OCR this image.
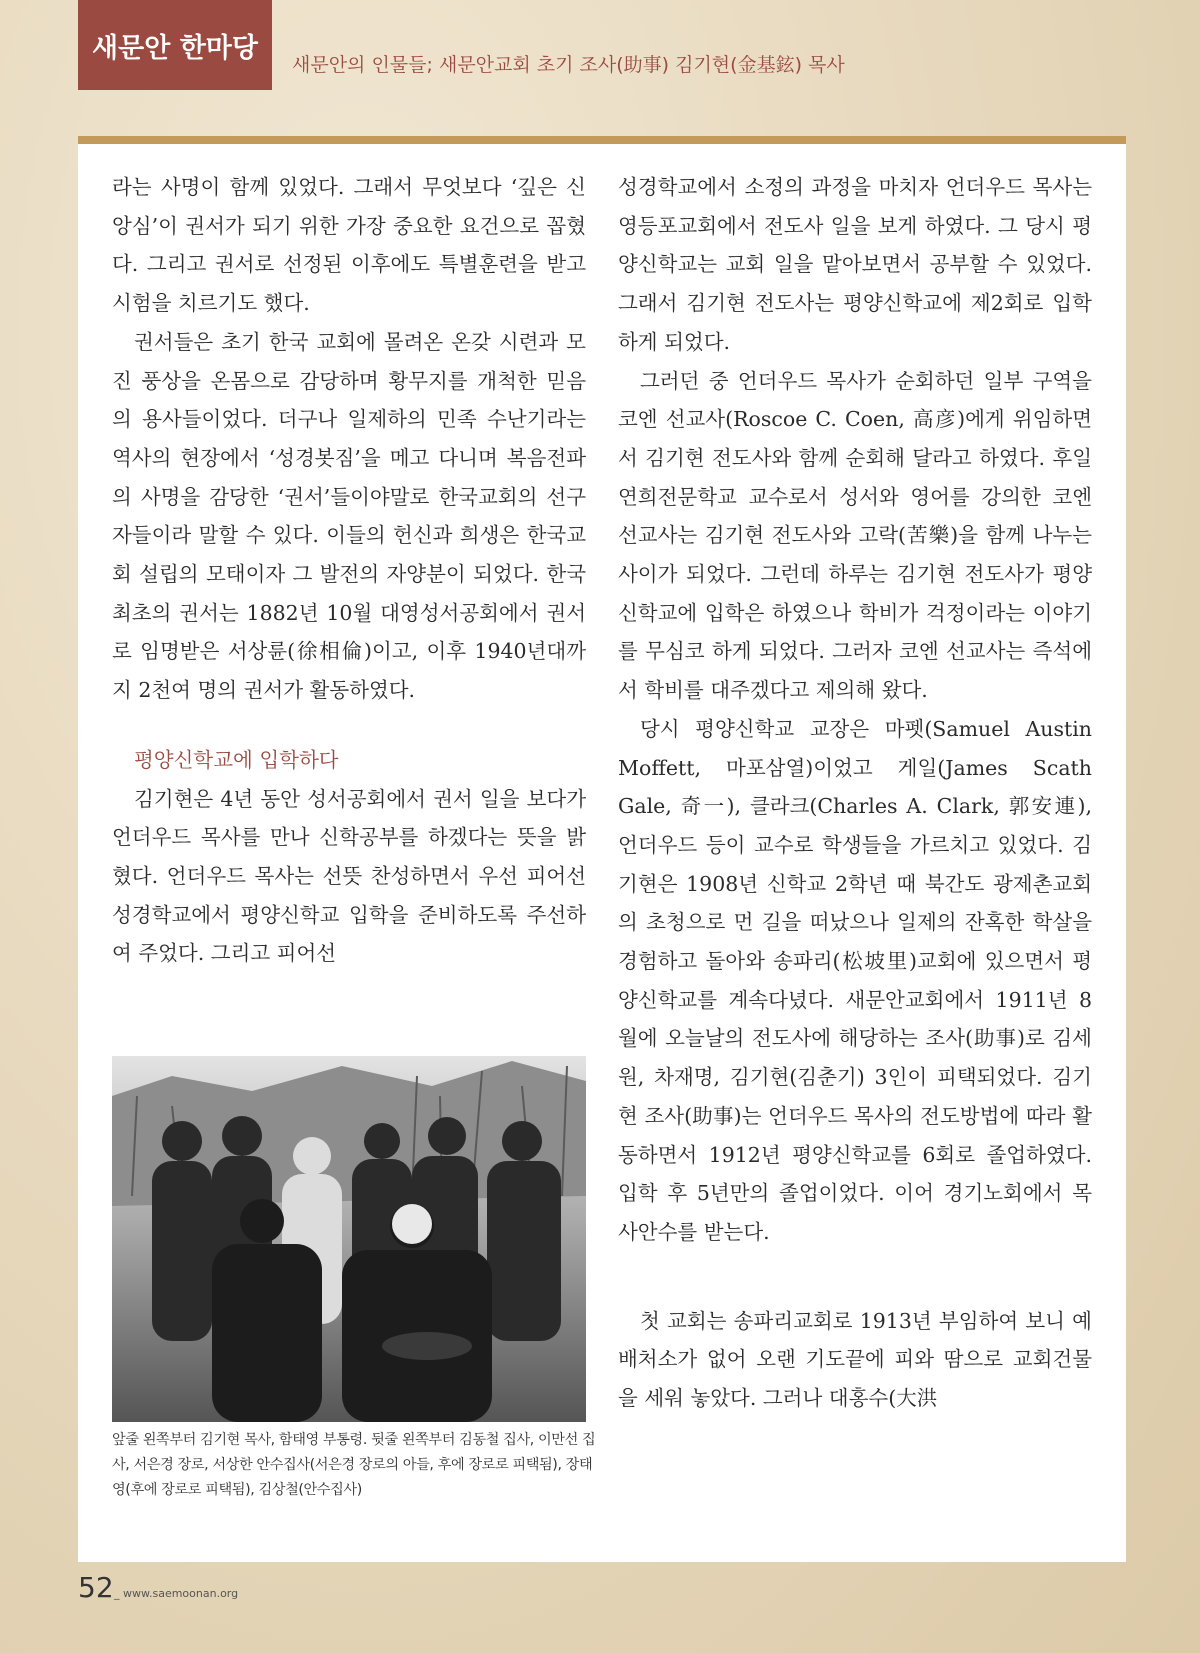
새문안 한마당
새문안의 인물들; 새문안교회 초기 조사(助事) 김기현(金基鉉) 목사

라는 사명이 함께 있었다. 그래서 무엇보다 ‘깊은 신앙심’이 권서가 되기 위한 가장 중요한 요건으로 꼽혔다. 그리고 권서로 선정된 이후에도 특별훈련을 받고 시험을 치르기도 했다.

권서들은 초기 한국 교회에 몰려온 온갖 시련과 모진 풍상을 온몸으로 감당하며 황무지를 개척한 믿음의 용사들이었다. 더구나 일제하의 민족 수난기라는 역사의 현장에서 ‘성경봇짐’을 메고 다니며 복음전파의 사명을 감당한 ‘권서’들이야말로 한국교회의 선구자들이라 말할 수 있다. 이들의 헌신과 희생은 한국교회 설립의 모태이자 그 발전의 자양분이 되었다. 한국 최초의 권서는 1882년 10월 대영성서공회에서 권서로 임명받은 서상륜(徐相倫)이고, 이후 1940년대까지 2천여 명의 권서가 활동하였다.

평양신학교에 입학하다

김기현은 4년 동안 성서공회에서 권서 일을 보다가 언더우드 목사를 만나 신학공부를 하겠다는 뜻을 밝혔다. 언더우드 목사는 선뜻 찬성하면서 우선 피어선성경학교에서 평양신학교 입학을 준비하도록 주선하여 주었다. 그리고 피어선

앞줄 왼쪽부터 김기현 목사, 함태영 부통령. 뒷줄 왼쪽부터 김동철 집사, 이만선 집사, 서은경 장로, 서상한 안수집사(서은경 장로의 아들, 후에 장로로 피택됨), 장태영(후에 장로로 피택됨), 김상철(안수집사)

성경학교에서 소정의 과정을 마치자 언더우드 목사는 영등포교회에서 전도사 일을 보게 하였다. 그 당시 평양신학교는 교회 일을 맡아보면서 공부할 수 있었다. 그래서 김기현 전도사는 평양신학교에 제2회로 입학하게 되었다.

그러던 중 언더우드 목사가 순회하던 일부 구역을 코엔 선교사(Roscoe C. Coen, 高彦)에게 위임하면서 김기현 전도사와 함께 순회해 달라고 하였다. 후일 연희전문학교 교수로서 성서와 영어를 강의한 코엔 선교사는 김기현 전도사와 고락(苦樂)을 함께 나누는 사이가 되었다. 그런데 하루는 김기현 전도사가 평양신학교에 입학은 하였으나 학비가 걱정이라는 이야기를 무심코 하게 되었다. 그러자 코엔 선교사는 즉석에서 학비를 대주겠다고 제의해 왔다.

당시 평양신학교 교장은 마펫(Samuel Austin Moffett, 마포삼열)이었고 게일(James Scath Gale, 奇一), 클라크(Charles A. Clark, 郭安連), 언더우드 등이 교수로 학생들을 가르치고 있었다. 김기현은 1908년 신학교 2학년 때 북간도 광제촌교회의 초청으로 먼 길을 떠났으나 일제의 잔혹한 학살을 경험하고 돌아와 송파리(松坡里)교회에 있으면서 평양신학교를 계속다녔다. 새문안교회에서 1911년 8월에 오늘날의 전도사에 해당하는 조사(助事)로 김세원, 차재명, 김기현(김춘기) 3인이 피택되었다. 김기현 조사(助事)는 언더우드 목사의 전도방법에 따라 활동하면서 1912년 평양신학교를 6회로 졸업하였다. 입학 후 5년만의 졸업이었다. 이어 경기노회에서 목사안수를 받는다.

첫 교회는 송파리교회로 1913년 부임하여 보니 예배처소가 없어 오랜 기도끝에 피와 땀으로 교회건물을 세워 놓았다. 그러나 대홍수(大洪

52 _ www.saemoonan.org
